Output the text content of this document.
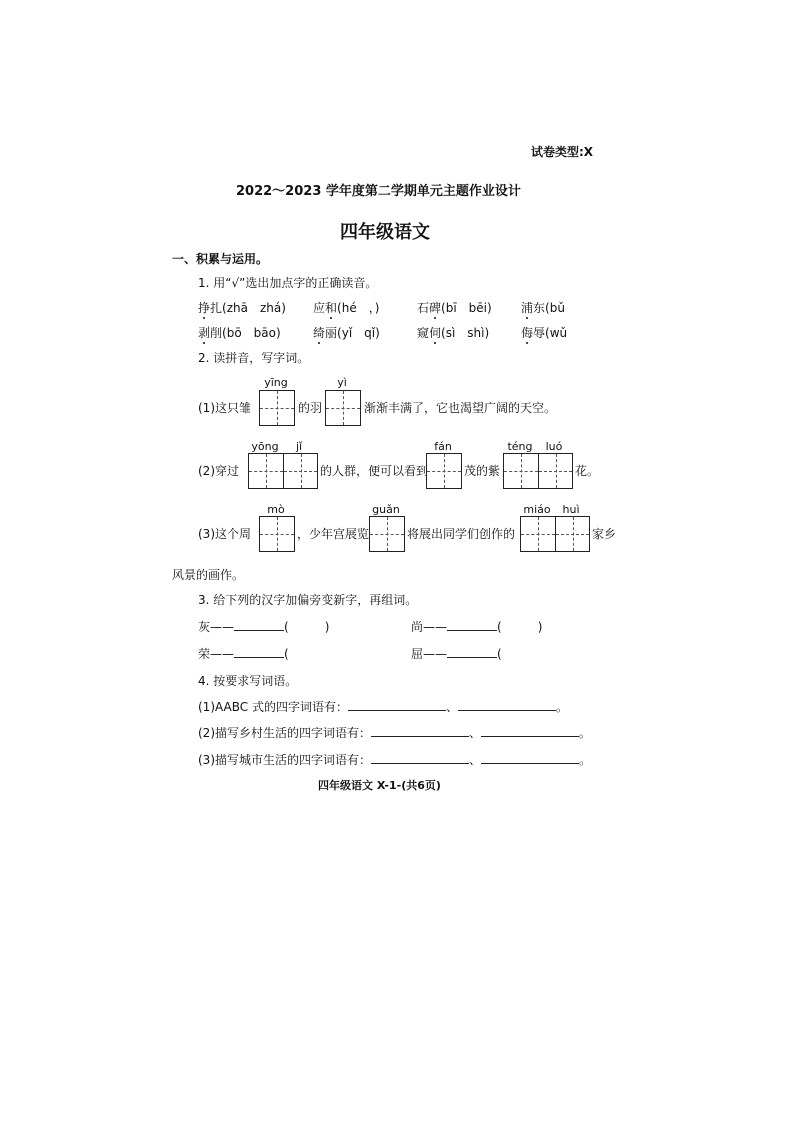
试卷类型:X
2022～2023 学年度第二学期单元主题作业设计
四年级语文
一、积累与运用。
1. 用“√”选出加点字的正确读音。
挣扎(zhā　zhá) 应和(hé　，)	石碑(bī　bēi) 浦东(bǔ
剥削(bō　bāo)	绮丽(yǐ　qǐ)	窥伺(sì　shì)	侮辱(wǔ
2. 读拼音，写字词。
yīng	yì
(1)这只雏	的羽	渐渐丰满了，它也渴望广阔的天空。
yōng	jǐ	fán	téng	luó
(2)穿过	的人群，便可以看到	茂的紫	花。
mò	guǎn	miáo	huì
(3)这个周	，少年宫展览	将展出同学们创作的	家乡
风景的画作。
3. 给下列的汉字加偏旁变新字，再组词。
灰——	(　　　)	尚——	(　　　)
荣——	(	屈——	(
4. 按要求写词语。
(1)AABC 式的四字词语有：	、	。
(2)描写乡村生活的四字词语有：	、	。
(3)描写城市生活的四字词语有：	、	。
四年级语文 X-1-(共6页)
